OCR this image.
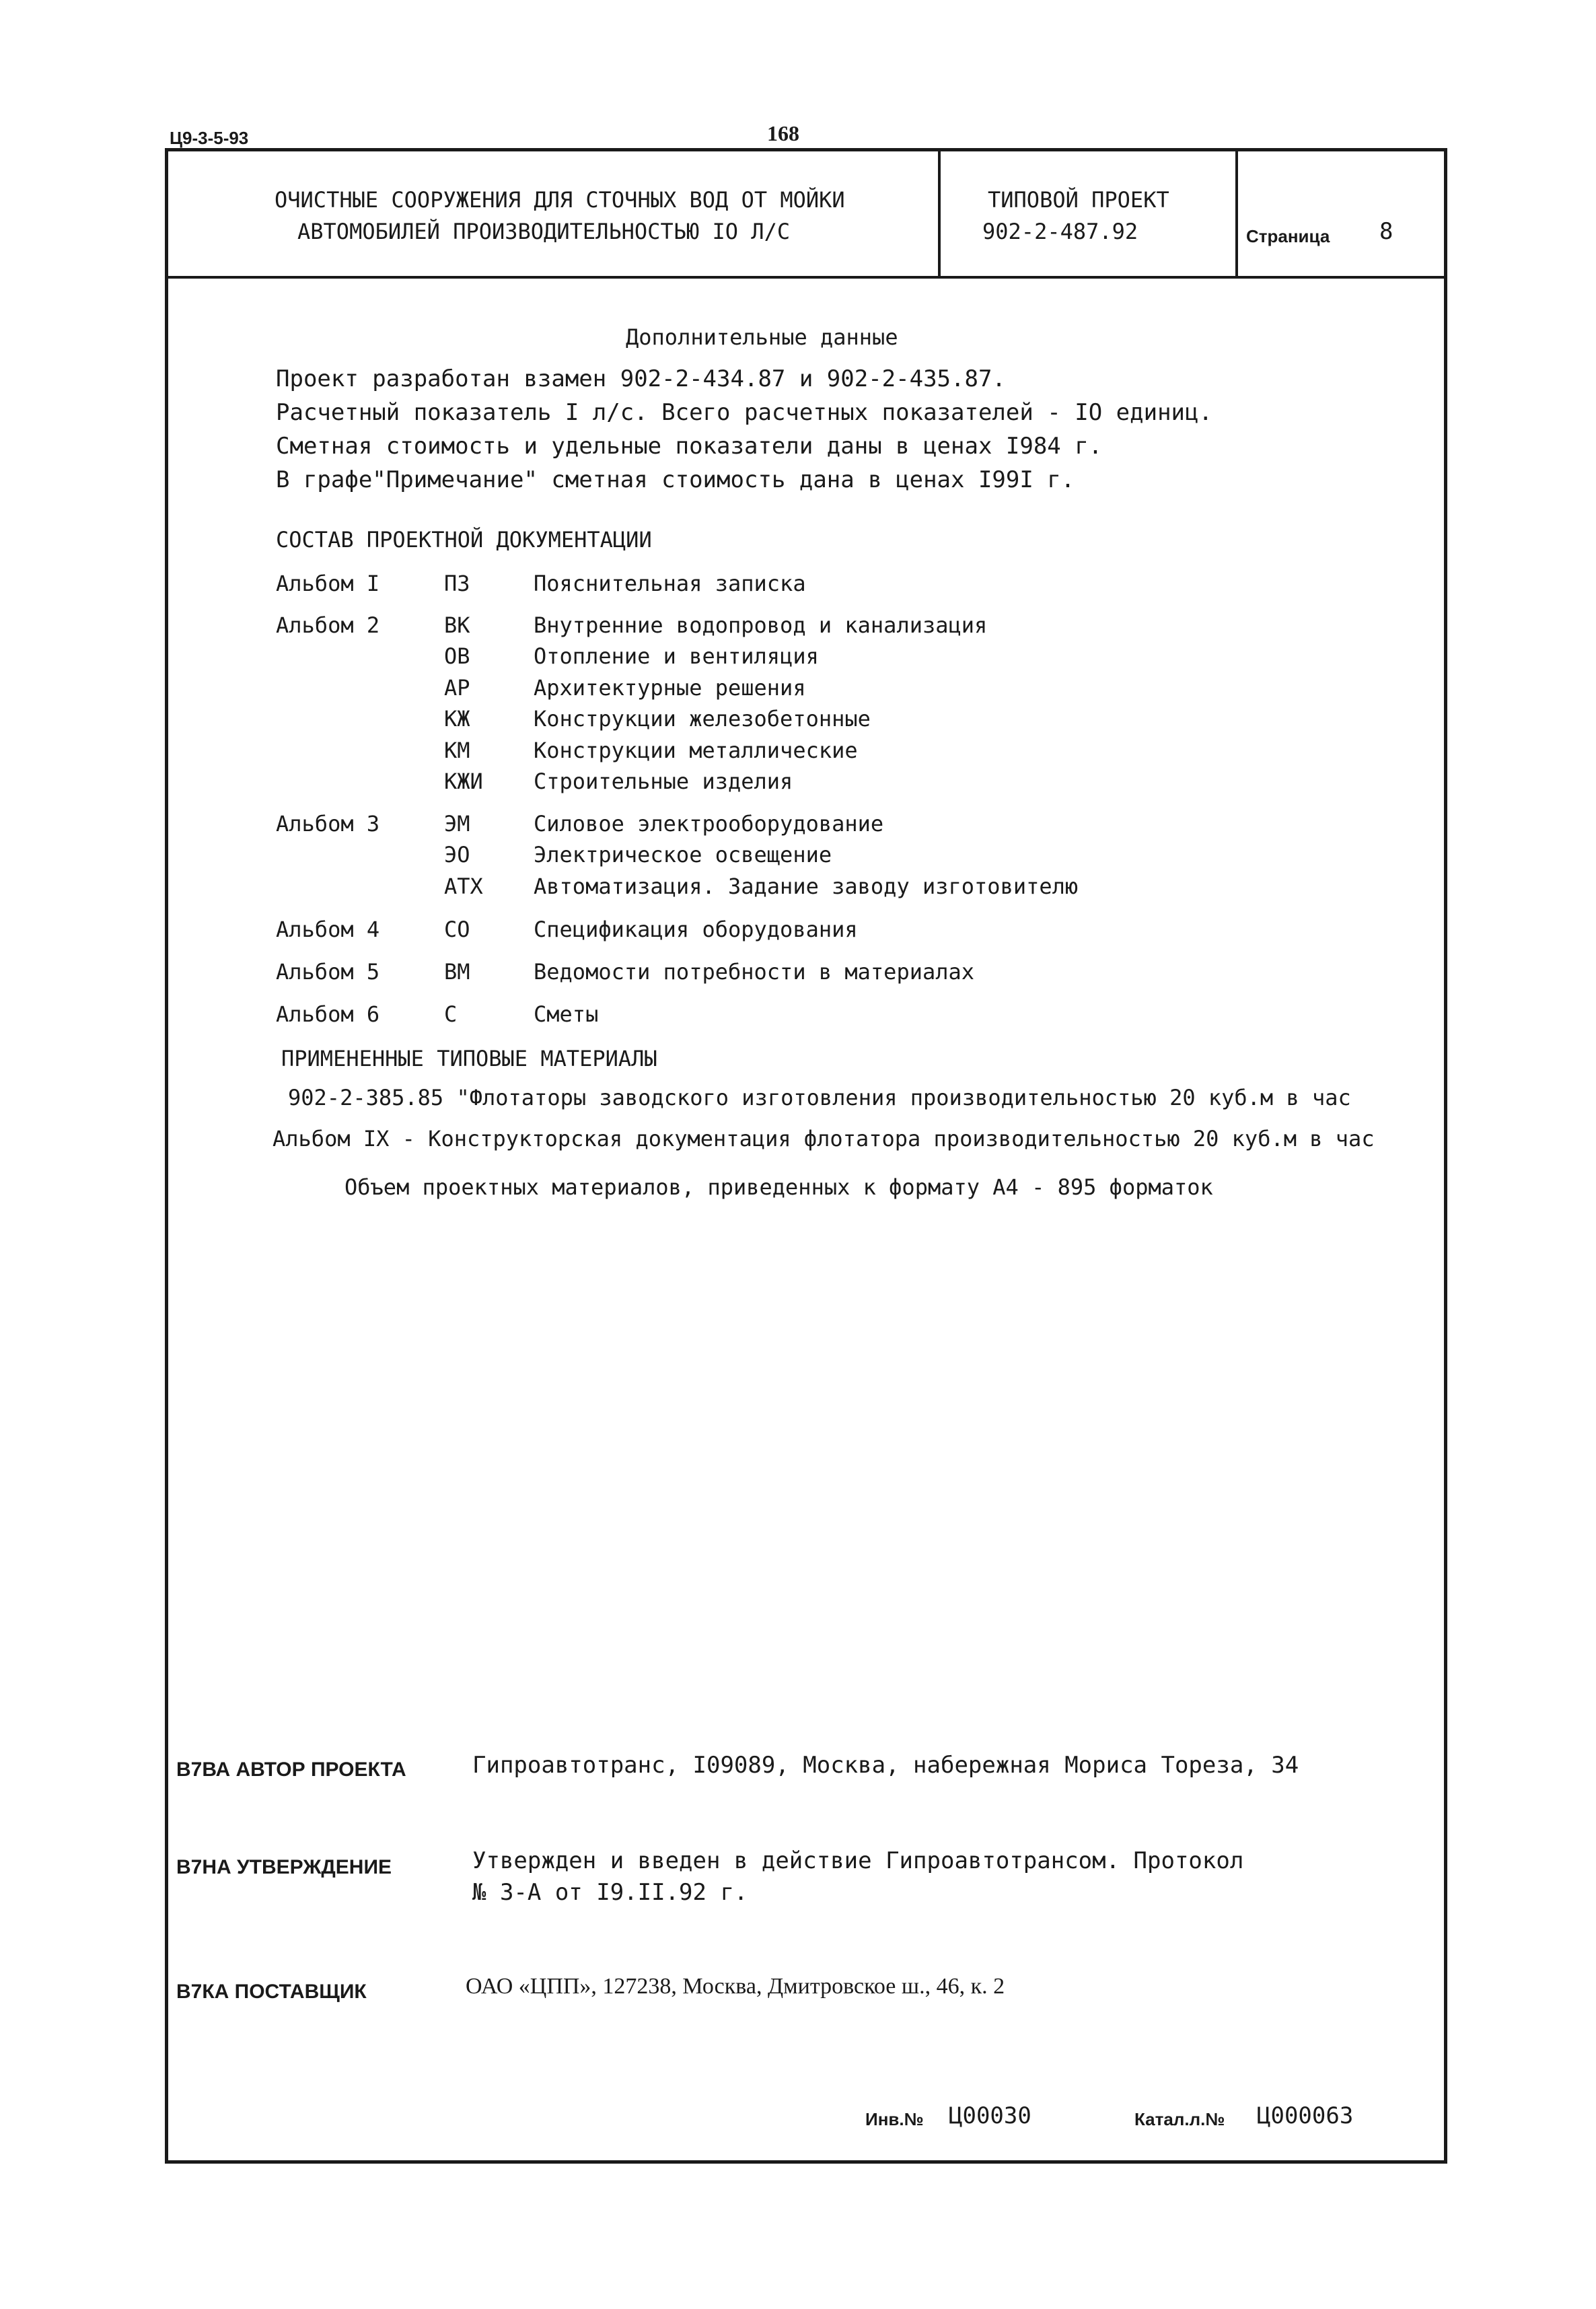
Ц9-3-5-93	168
ОЧИСТНЫЕ СООРУЖЕНИЯ ДЛЯ СТОЧНЫХ ВОД ОТ МОЙКИ
АВТОМОБИЛЕЙ ПРОИЗВОДИТЕЛЬНОСТЬЮ IO Л/С
ТИПОВОЙ ПРОЕКТ
902-2-487.92	Страница 8
Дополнительные данные
Проект разработан взамен 902-2-434.87 и 902-2-435.87.
Расчетный показатель I л/с. Всего расчетных показателей - IO единиц.
Сметная стоимость и удельные показатели даны в ценах I984 г.
В графе"Примечание" сметная стоимость дана в ценах I99I г.
СОСТАВ ПРОЕКТНОЙ ДОКУМЕНТАЦИИ
Альбом I	ПЗ	Пояснительная записка
Альбом 2	ВК	Внутренние водопровод и канализация
ОВ	Отопление и вентиляция
АР	Архитектурные решения
КЖ	Конструкции железобетонные
КМ	Конструкции металлические
КЖИ Строительные изделия
Альбом 3	ЭМ	Силовое электрооборудование
ЭО	Электрическое освещение
АТХ Автоматизация. Задание заводу изготовителю
Альбом 4	СО	Спецификация оборудования
Альбом 5	ВМ	Ведомости потребности в материалах
Альбом 6	С	Сметы
ПРИМЕНЕННЫЕ ТИПОВЫЕ МАТЕРИАЛЫ
902-2-385.85 "Флотаторы заводского изготовления производительностью 20 куб.м в час
Альбом IX - Конструкторская документация флотатора производительностью 20 куб.м в час
Объем проектных материалов, приведенных к формату А4 - 895 форматок
В7ВА АВТОР ПРОЕКТА	Гипроавтотранс, I09089, Москва, набережная Мориса Тореза, 34
В7НА УТВЕРЖДЕНИЕ	Утвержден и введен в действие Гипроавтотрансом. Протокол
№ 3-А от I9.II.92 г.
В7КА ПОСТАВЩИК	ОАО «ЦПП», 127238, Москва, Дмитровское ш., 46, к. 2
Инв.№ Ц00030	Катал.л.№ Ц000063
